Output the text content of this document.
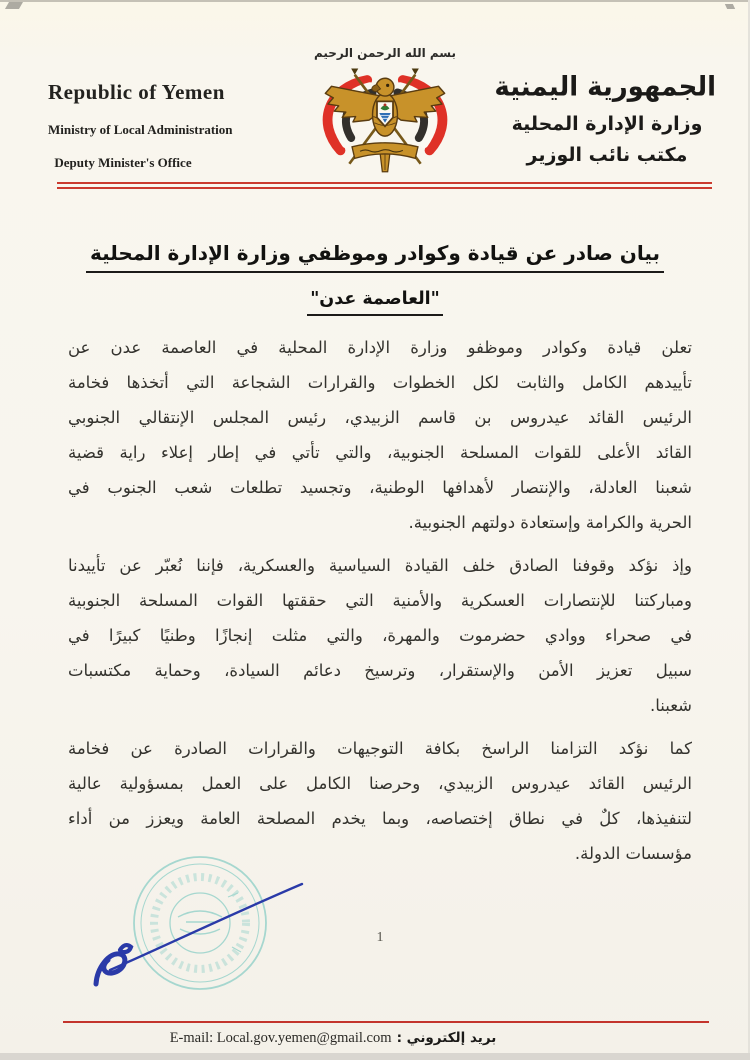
Republic of Yemen
Ministry of Local Administration
Deputy Minister's Office
بسم الله الرحمن الرحيم
الجمهورية اليمنية
وزارة الإدارة المحلية
مكتب نائب الوزير
بيان صادر عن قيادة وكوادر وموظفي وزارة الإدارة المحلية
"العاصمة عدن"
تعلن قيادة وكوادر وموظفو وزارة الإدارة المحلية في العاصمة عدن عن
تأييدهم الكامل والثابت لكل الخطوات والقرارات الشجاعة التي أتخذها فخامة
الرئيس القائد عيدروس بن قاسم الزبيدي، رئيس المجلس الإنتقالي الجنوبي
القائد الأعلى للقوات المسلحة الجنوبية، والتي تأتي في إطار إعلاء راية قضية
شعبنا العادلة، والإنتصار لأهدافها الوطنية، وتجسيد تطلعات شعب الجنوب في
الحرية والكرامة وإستعادة دولتهم الجنوبية.
وإذ نؤكد وقوفنا الصادق خلف القيادة السياسية والعسكرية، فإننا نُعبّر عن تأييدنا
ومباركتنا للإنتصارات العسكرية والأمنية التي حققتها القوات المسلحة الجنوبية
في صحراء ووادي حضرموت والمهرة، والتي مثلت إنجازًا وطنيًا كبيرًا في
سبيل تعزيز الأمن والإستقرار، وترسيخ دعائم السيادة، وحماية مكتسبات
شعبنا.
كما نؤكد التزامنا الراسخ بكافة التوجيهات والقرارات الصادرة عن فخامة
الرئيس القائد عيدروس الزبيدي، وحرصنا الكامل على العمل بمسؤولية عالية
لتنفيذها، كلٌ في نطاق إختصاصه، وبما يخدم المصلحة العامة ويعزز من أداء
مؤسسات الدولة.
1
بريد إلكتروني : E-mail: Local.gov.yemen@gmail.com
